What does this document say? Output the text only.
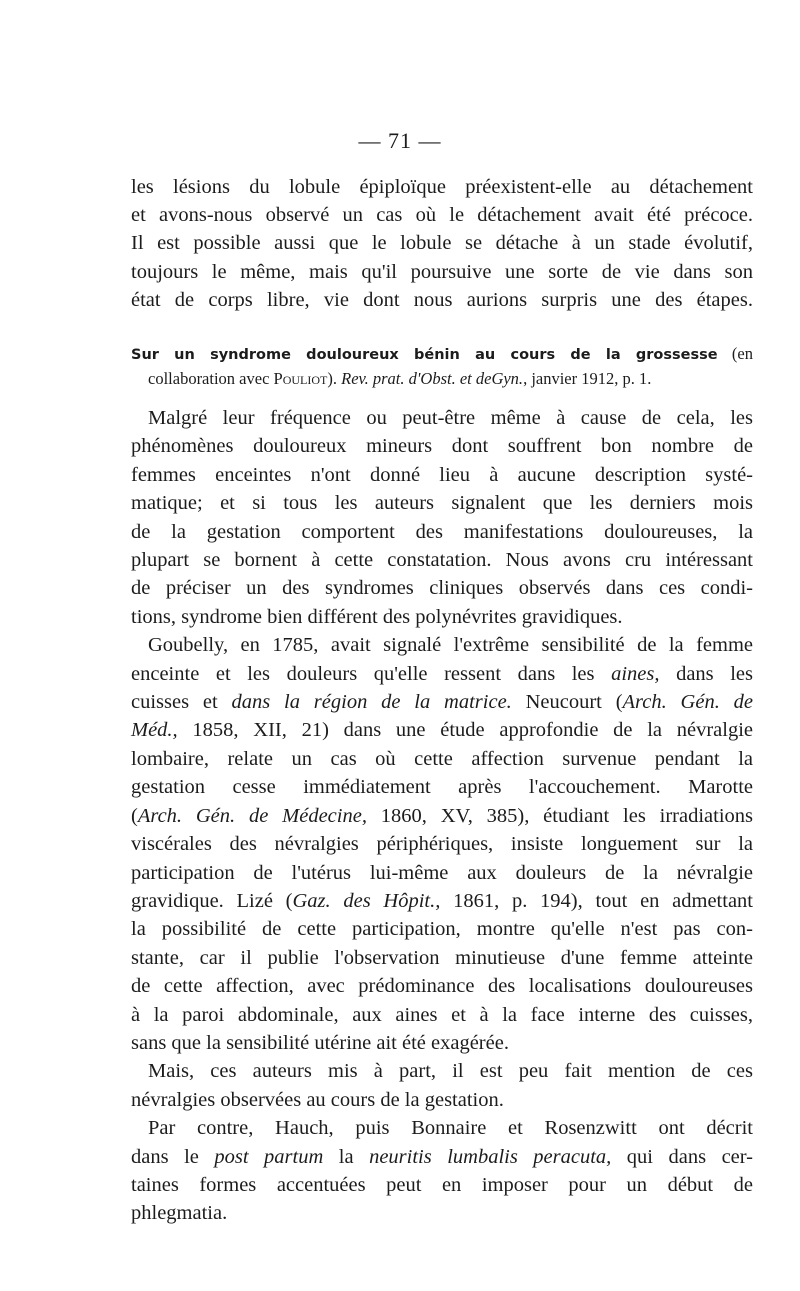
— 71 —
les lésions du lobule épiploïque préexistent-elle au détachement
et avons-nous observé un cas où le détachement avait été précoce.
Il est possible aussi que le lobule se détache à un stade évolutif,
toujours le même, mais qu'il poursuive une sorte de vie dans son
état de corps libre, vie dont nous aurions surpris une des étapes.
Sur un syndrome douloureux bénin au cours de la grossesse (en
collaboration avec Pouliot). Rev. prat. d'Obst. et deGyn., janvier 1912, p. 1.
Malgré leur fréquence ou peut-être même à cause de cela, les
phénomènes douloureux mineurs dont souffrent bon nombre de
femmes enceintes n'ont donné lieu à aucune description systé-
matique; et si tous les auteurs signalent que les derniers mois
de la gestation comportent des manifestations douloureuses, la
plupart se bornent à cette constatation. Nous avons cru intéressant
de préciser un des syndromes cliniques observés dans ces condi-
tions, syndrome bien différent des polynévrites gravidiques.
Goubelly, en 1785, avait signalé l'extrême sensibilité de la femme
enceinte et les douleurs qu'elle ressent dans les aines, dans les
cuisses et dans la région de la matrice. Neucourt (Arch. Gén. de
Méd., 1858, XII, 21) dans une étude approfondie de la névralgie
lombaire, relate un cas où cette affection survenue pendant la
gestation cesse immédiatement après l'accouchement. Marotte
(Arch. Gén. de Médecine, 1860, XV, 385), étudiant les irradiations
viscérales des névralgies périphériques, insiste longuement sur la
participation de l'utérus lui-même aux douleurs de la névralgie
gravidique. Lizé (Gaz. des Hôpit., 1861, p. 194), tout en admettant
la possibilité de cette participation, montre qu'elle n'est pas con-
stante, car il publie l'observation minutieuse d'une femme atteinte
de cette affection, avec prédominance des localisations douloureuses
à la paroi abdominale, aux aines et à la face interne des cuisses,
sans que la sensibilité utérine ait été exagérée.
Mais, ces auteurs mis à part, il est peu fait mention de ces
névralgies observées au cours de la gestation.
Par contre, Hauch, puis Bonnaire et Rosenzwitt ont décrit
dans le post partum la neuritis lumbalis peracuta, qui dans cer-
taines formes accentuées peut en imposer pour un début de
phlegmatia.
